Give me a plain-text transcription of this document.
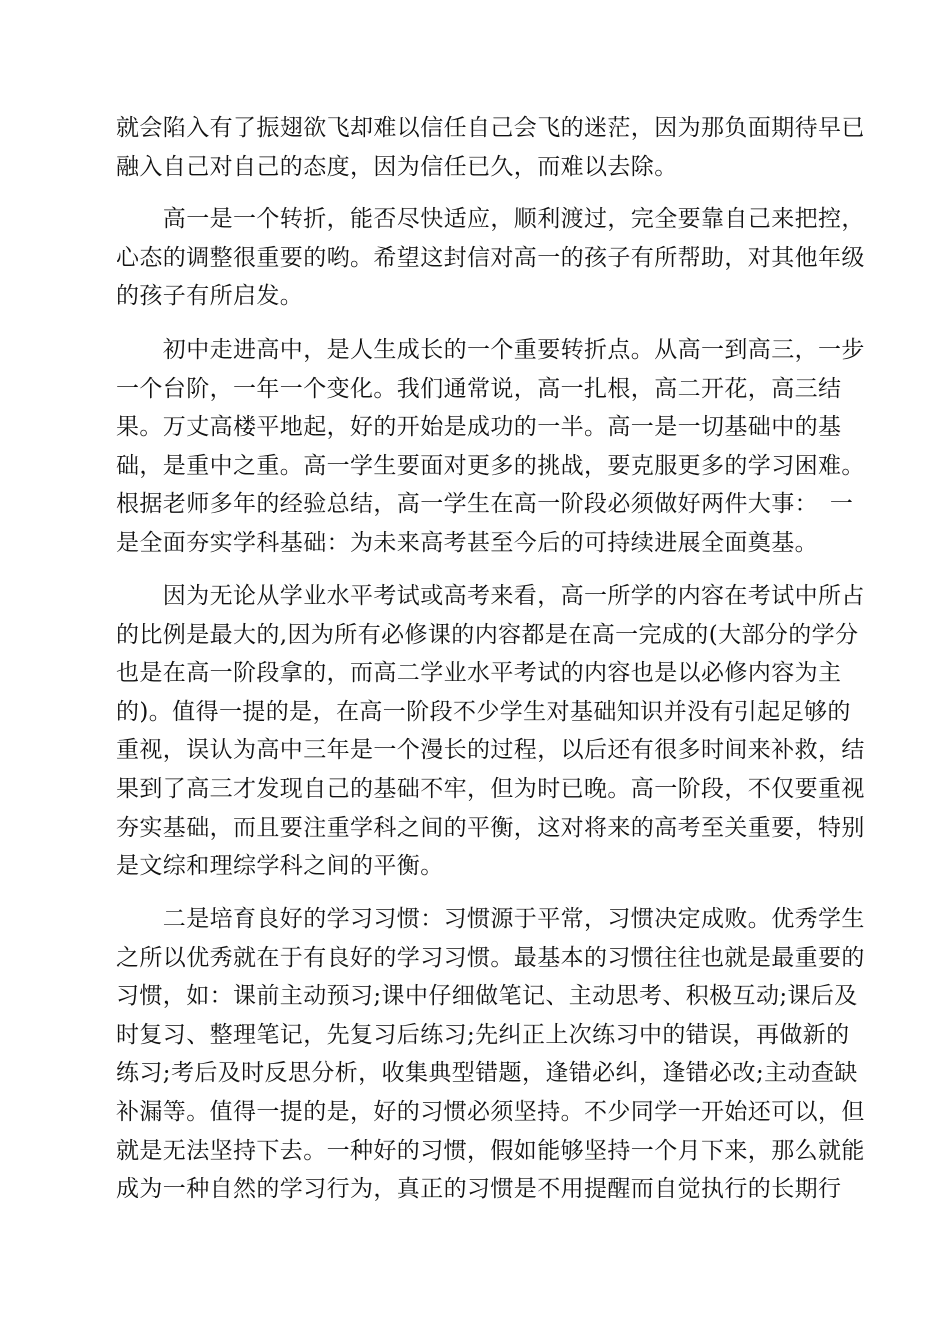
就会陷入有了振翅欲飞却难以信任自己会飞的迷茫，因为那负面期待早已
融入自己对自己的态度，因为信任已久，而难以去除。
　　高一是一个转折，能否尽快适应，顺利渡过，完全要靠自己来把控，
心态的调整很重要的哟。希望这封信对高一的孩子有所帮助，对其他年级
的孩子有所启发。
　　初中走进高中，是人生成长的一个重要转折点。从高一到高三，一步
一个台阶，一年一个变化。我们通常说，高一扎根，高二开花，高三结
果。万丈高楼平地起，好的开始是成功的一半。高一是一切基础中的基
础，是重中之重。高一学生要面对更多的挑战，要克服更多的学习困难。
根据老师多年的经验总结，高一学生在高一阶段必须做好两件大事：　一
是全面夯实学科基础：为未来高考甚至今后的可持续进展全面奠基。
　　因为无论从学业水平考试或高考来看，高一所学的内容在考试中所占
的比例是最大的,因为所有必修课的内容都是在高一完成的(大部分的学分
也是在高一阶段拿的，而高二学业水平考试的内容也是以必修内容为主
的)。值得一提的是，在高一阶段不少学生对基础知识并没有引起足够的
重视，误认为高中三年是一个漫长的过程，以后还有很多时间来补救，结
果到了高三才发现自己的基础不牢，但为时已晚。高一阶段，不仅要重视
夯实基础，而且要注重学科之间的平衡，这对将来的高考至关重要，特别
是文综和理综学科之间的平衡。
　　二是培育良好的学习习惯：习惯源于平常，习惯决定成败。优秀学生
之所以优秀就在于有良好的学习习惯。最基本的习惯往往也就是最重要的
习惯，如：课前主动预习;课中仔细做笔记、主动思考、积极互动;课后及
时复习、整理笔记，先复习后练习;先纠正上次练习中的错误，再做新的
练习;考后及时反思分析，收集典型错题，逢错必纠，逢错必改;主动查缺
补漏等。值得一提的是，好的习惯必须坚持。不少同学一开始还可以，但
就是无法坚持下去。一种好的习惯，假如能够坚持一个月下来，那么就能
成为一种自然的学习行为，真正的习惯是不用提醒而自觉执行的长期行
